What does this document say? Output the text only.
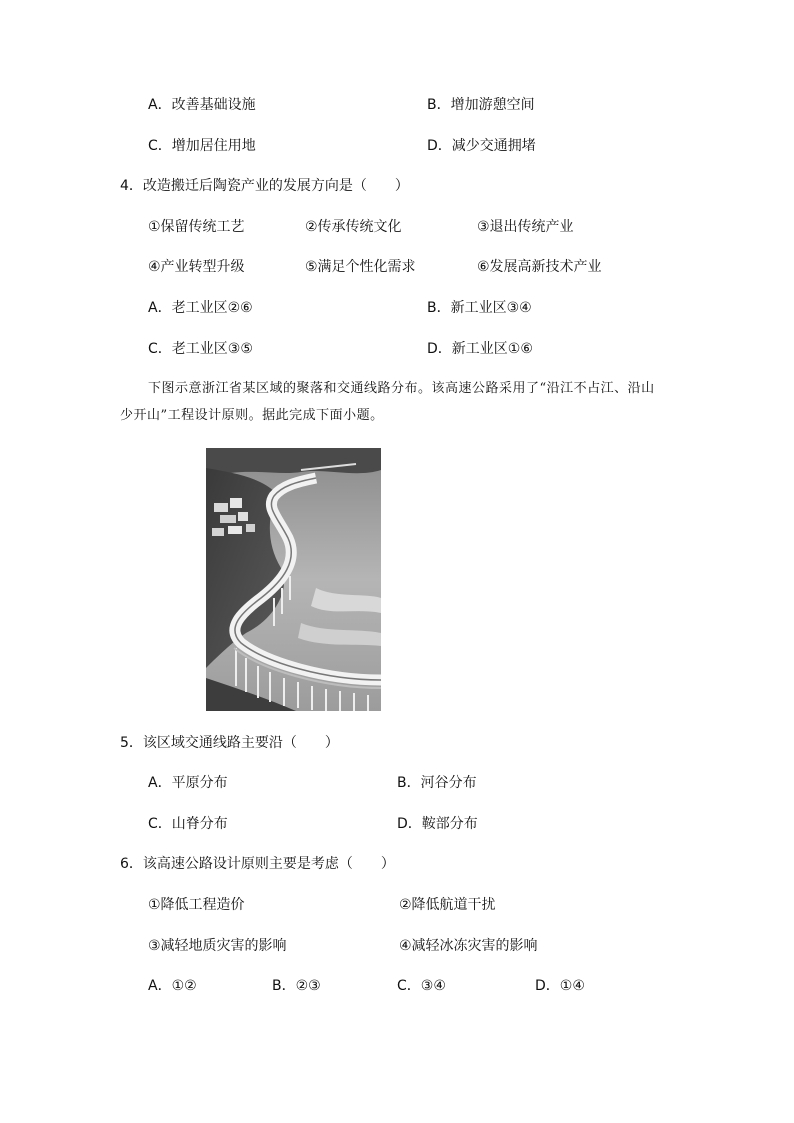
A．改善基础设施	B．增加游憩空间
C．增加居住用地	D．减少交通拥堵
4．改造搬迁后陶瓷产业的发展方向是（　　）
①保留传统工艺	②传承传统文化	③退出传统产业
④产业转型升级	⑤满足个性化需求	⑥发展高新技术产业
A．老工业区②⑥	B．新工业区③④
C．老工业区③⑤	D．新工业区①⑥
下图示意浙江省某区域的聚落和交通线路分布。该高速公路采用了“沿江不占江、沿山
少开山”工程设计原则。据此完成下面小题。
5．该区域交通线路主要沿（　　）
A．平原分布	B．河谷分布
C．山脊分布	D．鞍部分布
6．该高速公路设计原则主要是考虑（　　）
①降低工程造价	②降低航道干扰
③减轻地质灾害的影响	④减轻冰冻灾害的影响
A．①②	B．②③	C．③④	D．①④
